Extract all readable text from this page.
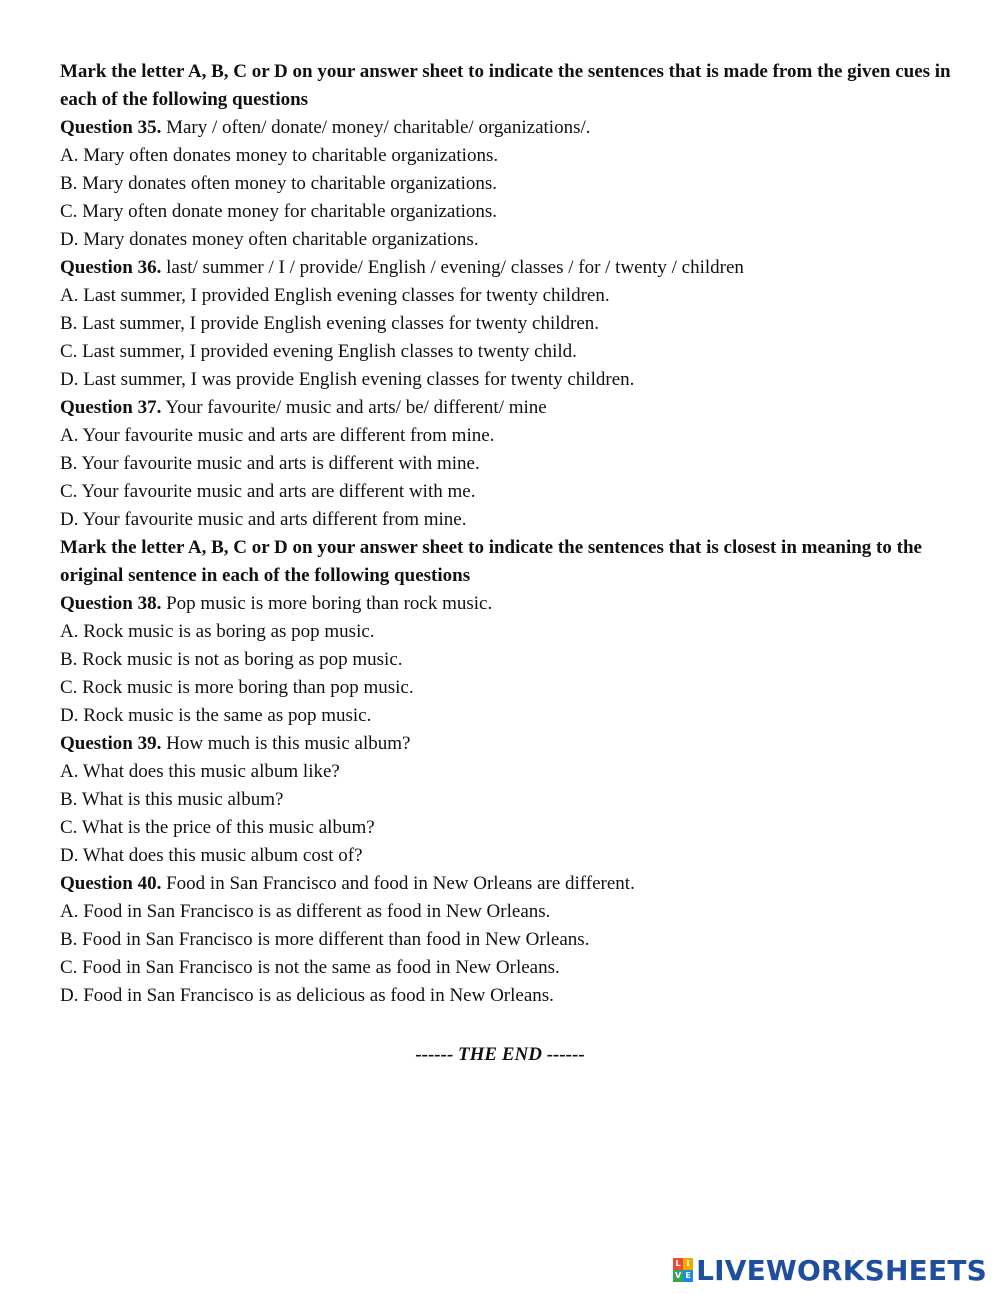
Mark the letter A, B, C or D on your answer sheet to indicate the sentences that is made from the given cues in each of the following questions

Question 35. Mary / often/ donate/ money/ charitable/ organizations/.

A. Mary often donates money to charitable organizations.

B. Mary donates often money to charitable organizations.

C. Mary often donate money for charitable organizations.

D. Mary donates money often charitable organizations.

Question 36. last/ summer / I / provide/ English / evening/ classes / for / twenty / children

A. Last summer, I provided English evening classes for twenty children.

B. Last summer, I provide English evening classes for twenty children.

C. Last summer, I provided evening English classes to twenty child.

D. Last summer, I was provide English evening classes for twenty children.

Question 37. Your favourite/ music and arts/ be/ different/ mine

A. Your favourite music and arts are different from mine.

B. Your favourite music and arts is different with mine.

C. Your favourite music and arts are different with me.

D. Your favourite music and arts different from mine.

Mark the letter A, B, C or D on your answer sheet to indicate the sentences that is closest in meaning to the original sentence in each of the following questions

Question 38. Pop music is more boring than rock music.

A. Rock music is as boring as pop music.

B. Rock music is not as boring as pop music.

C. Rock music is more boring than pop music.

D. Rock music is the same as pop music.

Question 39. How much is this music album?

A. What does this music album like?

B. What is this music album?

C. What is the price of this music album?

D. What does this music album cost of?

Question 40. Food in San Francisco and food in New Orleans are different.

A. Food in San Francisco is as different as food in New Orleans.

B. Food in San Francisco is more different than food in New Orleans.

C. Food in San Francisco is not the same as food in New Orleans.

D. Food in San Francisco is as delicious as food in New Orleans.

------ THE END ------
L I
V E LIVEWORKSHEETS
